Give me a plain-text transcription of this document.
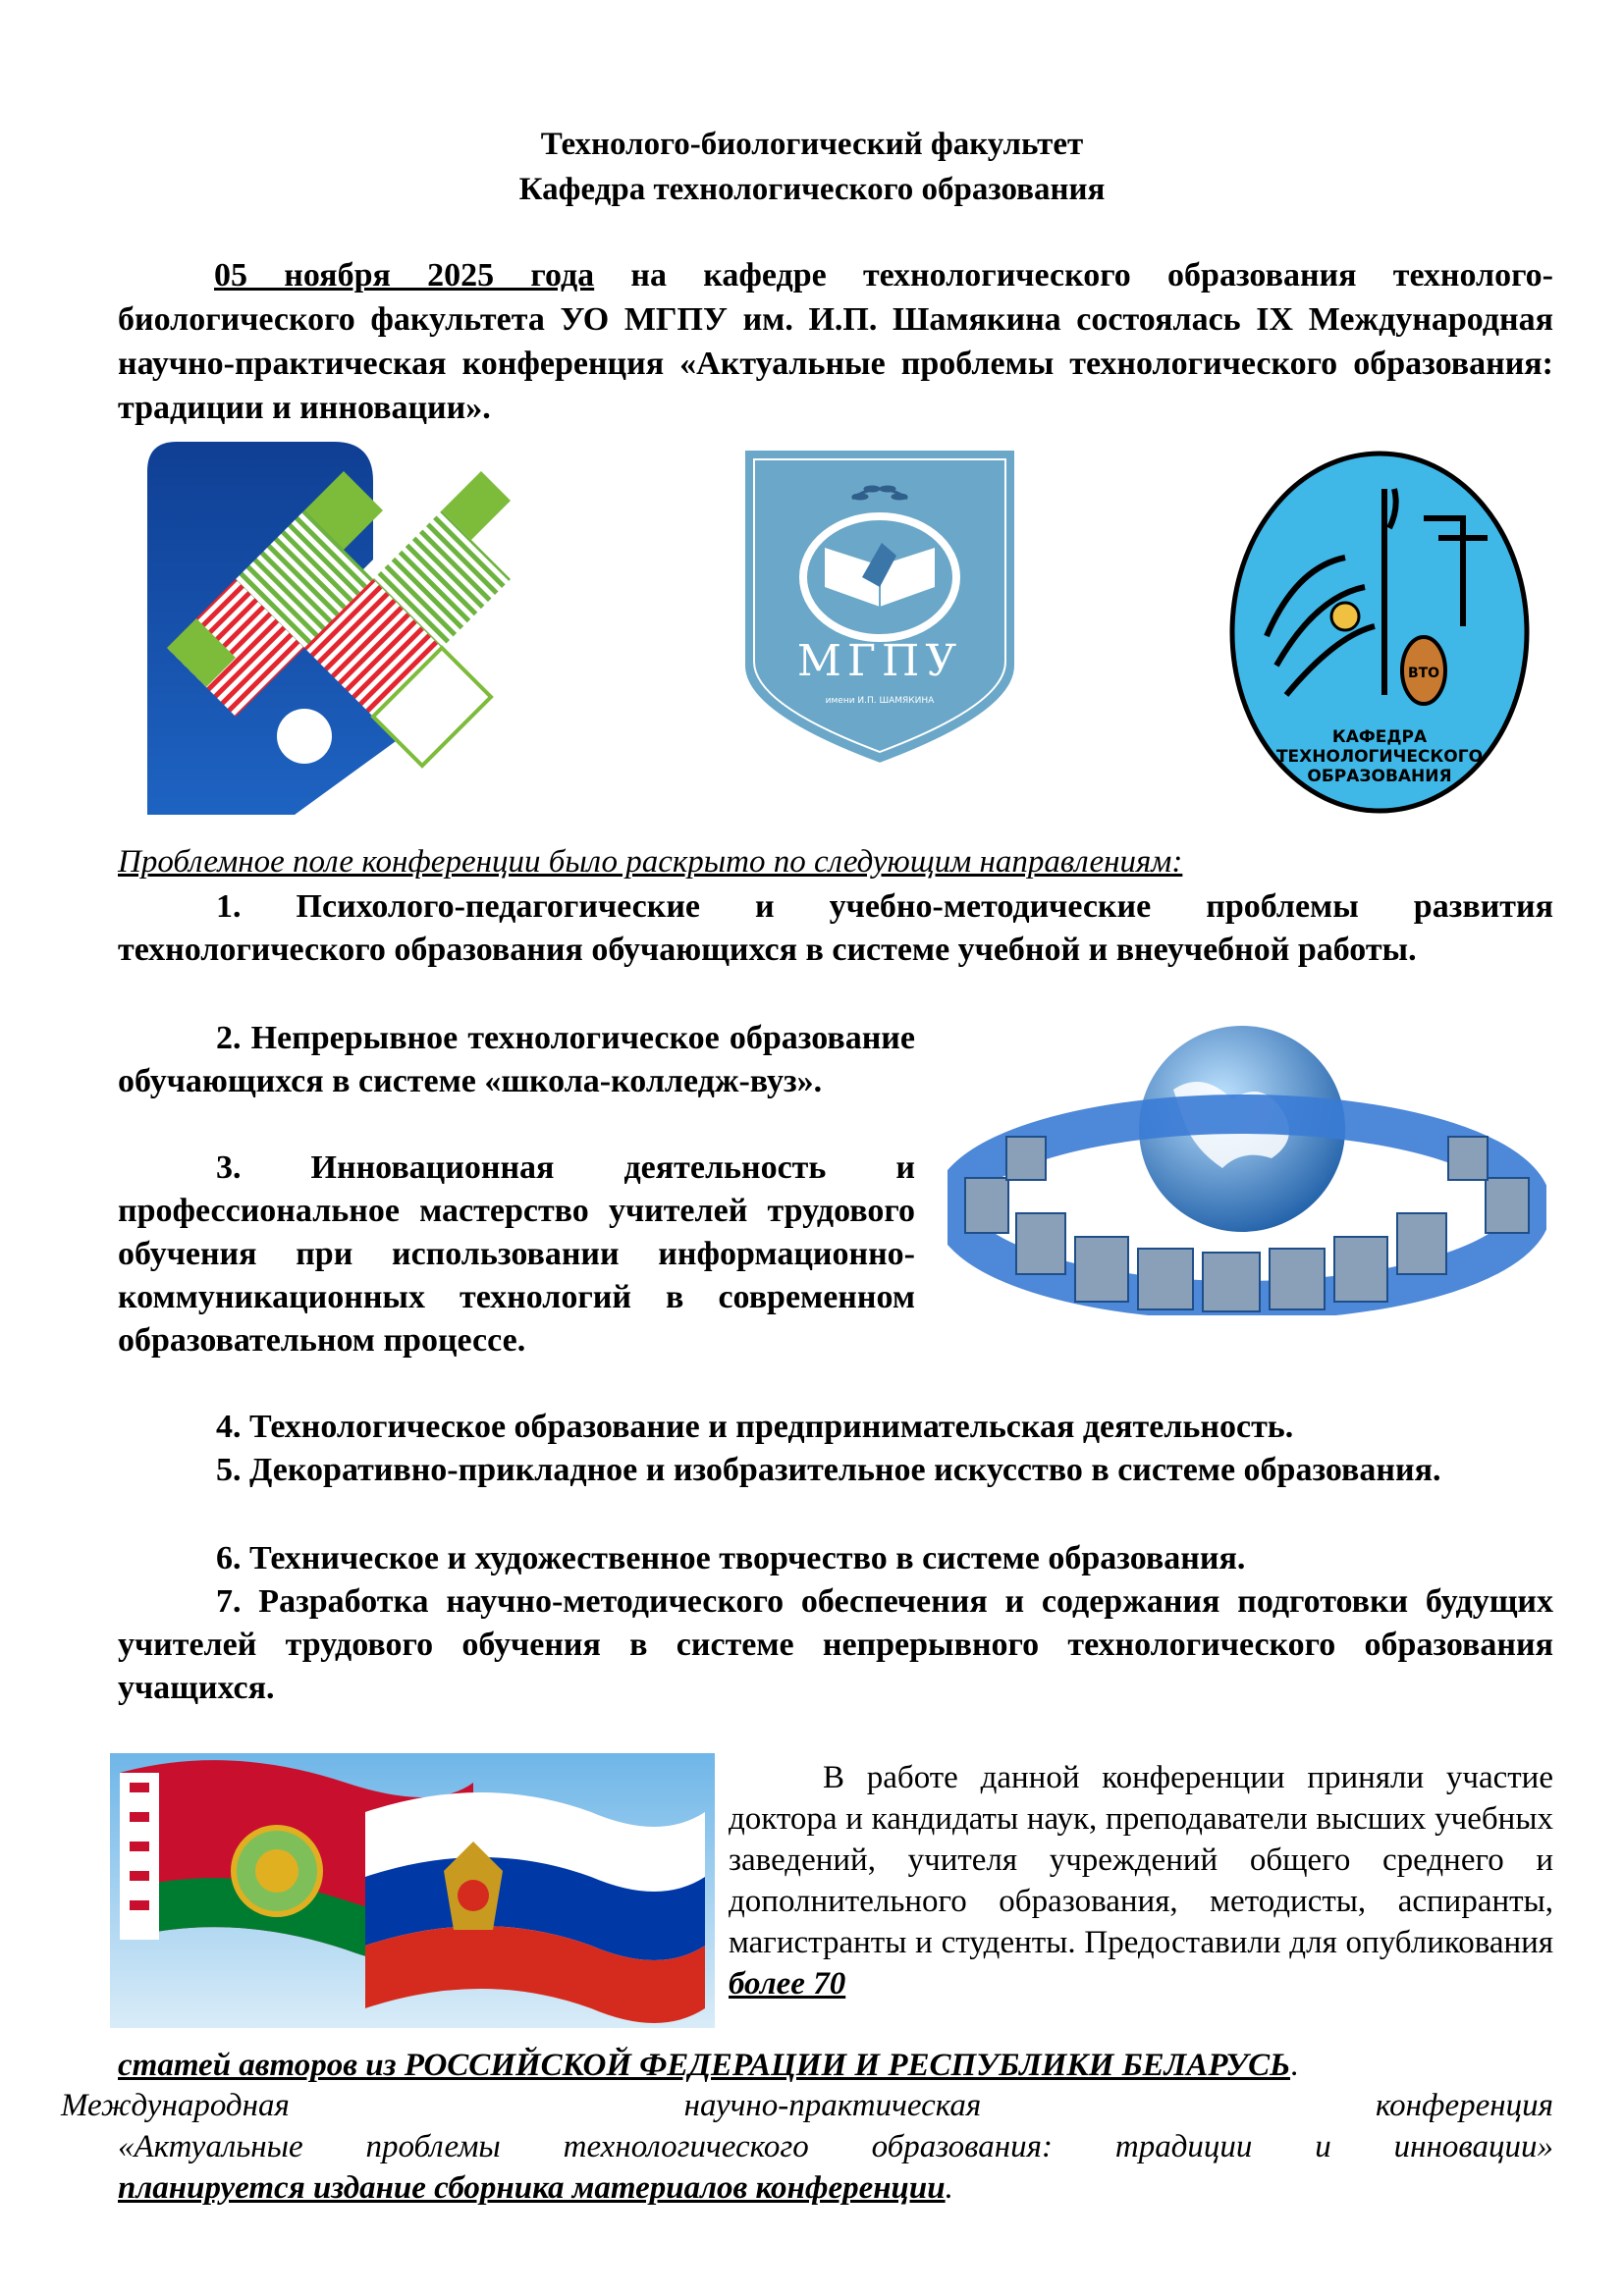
Технолого-биологический факультет
Кафедра технологического образования

05 ноября 2025 года на кафедре технологического образования технолого-биологического факультета УО МГПУ им. И.П. Шамякина состоялась IX Международная научно-практическая конференция «Актуальные проблемы технологического образования: традиции и инновации».

МГПУ
имени И.П. ШАМЯКИНА
ВТО
КАФЕДРА
ТЕХНОЛОГИЧЕСКОГО
ОБРАЗОВАНИЯ

Проблемное поле конференции было раскрыто по следующим направлениям:

1. Психолого-педагогические и учебно-методические проблемы развития технологического образования обучающихся в системе учебной и внеучебной работы.

2. Непрерывное технологическое образование обучающихся в системе «школа-колледж-вуз».

3. Инновационная деятельность и профессиональное мастерство учителей трудового обучения при использовании информационно-коммуникационных технологий в современном образовательном процессе.

4. Технологическое образование и предпринимательская деятельность.

5. Декоративно-прикладное и изобразительное искусство в системе образования.

6. Техническое и художественное творчество в системе образования.

7. Разработка научно-методического обеспечения и содержания подготовки будущих учителей трудового обучения в системе непрерывного технологического образования учащихся.

В работе данной конференции приняли участие доктора и кандидаты наук, преподаватели высших учебных заведений, учителя учреждений общего среднего и дополнительного образования, методисты, аспиранты, магистранты и студенты. Предоставили для опубликования более 70

статей авторов из РОССИЙСКОЙ ФЕДЕРАЦИИ И РЕСПУБЛИКИ БЕЛАРУСЬ.

Международная научно-практическая конференция
«Актуальные проблемы технологического образования: традиции и инновации»
планируется издание сборника материалов конференции.
